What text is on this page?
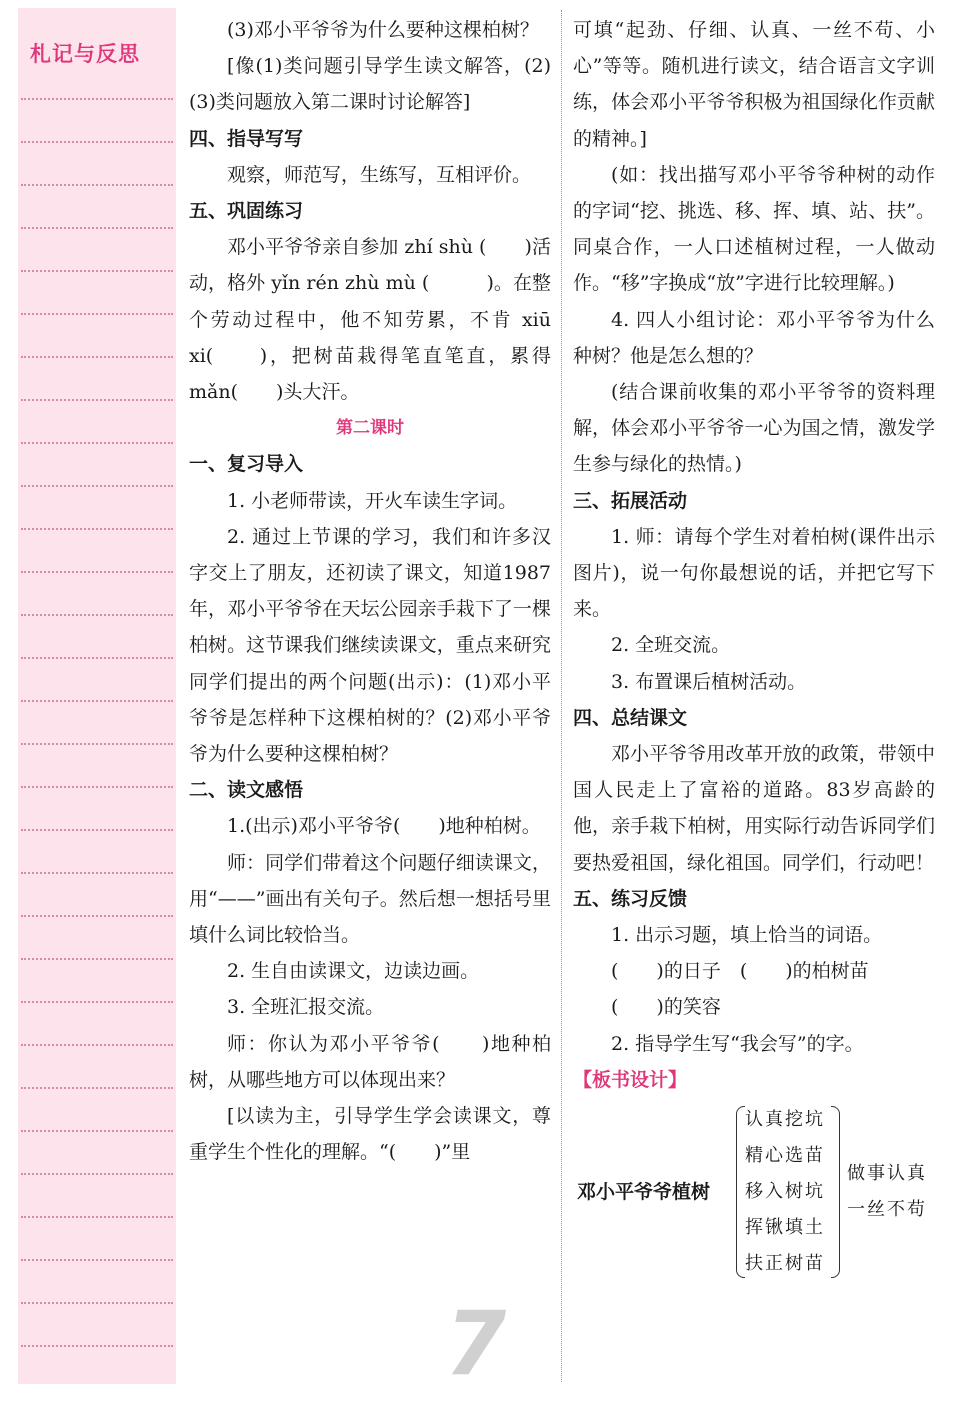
札记与反思

(3)邓小平爷爷为什么要种这棵柏树？

[像(1)类问题引导学生读文解答，(2)(3)类问题放入第二课时讨论解答]

四、指导写写

观察，师范写，生练写，互相评价。

五、巩固练习

邓小平爷爷亲自参加 zhí shù (　　)活动，格外 yǐn rén zhù mù (　　　)。在整个劳动过程中，他不知劳累，不肯 xiū xi(　　)，把树苗栽得笔直笔直，累得 mǎn(　　)头大汗。

第二课时
一、复习导入

1. 小老师带读，开火车读生字词。

2. 通过上节课的学习，我们和许多汉字交上了朋友，还初读了课文，知道1987年，邓小平爷爷在天坛公园亲手栽下了一棵柏树。这节课我们继续读课文，重点来研究同学们提出的两个问题(出示)：(1)邓小平爷爷是怎样种下这棵柏树的？(2)邓小平爷爷为什么要种这棵柏树？

二、读文感悟

1.(出示)邓小平爷爷(　　)地种柏树。

师：同学们带着这个问题仔细读课文，用“——”画出有关句子。然后想一想括号里填什么词比较恰当。

2. 生自由读课文，边读边画。

3. 全班汇报交流。

师：你认为邓小平爷爷(　　)地种柏树，从哪些地方可以体现出来？

[以读为主，引导学生学会读课文，尊重学生个性化的理解。“(　　)”里

可填“起劲、仔细、认真、一丝不苟、小心”等等。随机进行读文，结合语言文字训练，体会邓小平爷爷积极为祖国绿化作贡献的精神。]

(如：找出描写邓小平爷爷种树的动作的字词“挖、挑选、移、挥、填、站、扶”。同桌合作，一人口述植树过程，一人做动作。“移”字换成“放”字进行比较理解。)

4. 四人小组讨论：邓小平爷爷为什么种树？他是怎么想的？

(结合课前收集的邓小平爷爷的资料理解，体会邓小平爷爷一心为国之情，激发学生参与绿化的热情。)

三、拓展活动

1. 师：请每个学生对着柏树(课件出示图片)，说一句你最想说的话，并把它写下来。

2. 全班交流。

3. 布置课后植树活动。

四、总结课文

邓小平爷爷用改革开放的政策，带领中国人民走上了富裕的道路。83岁高龄的他，亲手栽下柏树，用实际行动告诉同学们要热爱祖国，绿化祖国。同学们，行动吧！

五、练习反馈

1. 出示习题，填上恰当的词语。

(　　)的日子　(　　)的柏树苗

(　　)的笑容

2. 指导学生写“我会写”的字。

【板书设计】
邓小平爷爷植树
认真挖坑
精心选苗
移入树坑
挥锹填土
扶正树苗
做事认真
一丝不苟
7
